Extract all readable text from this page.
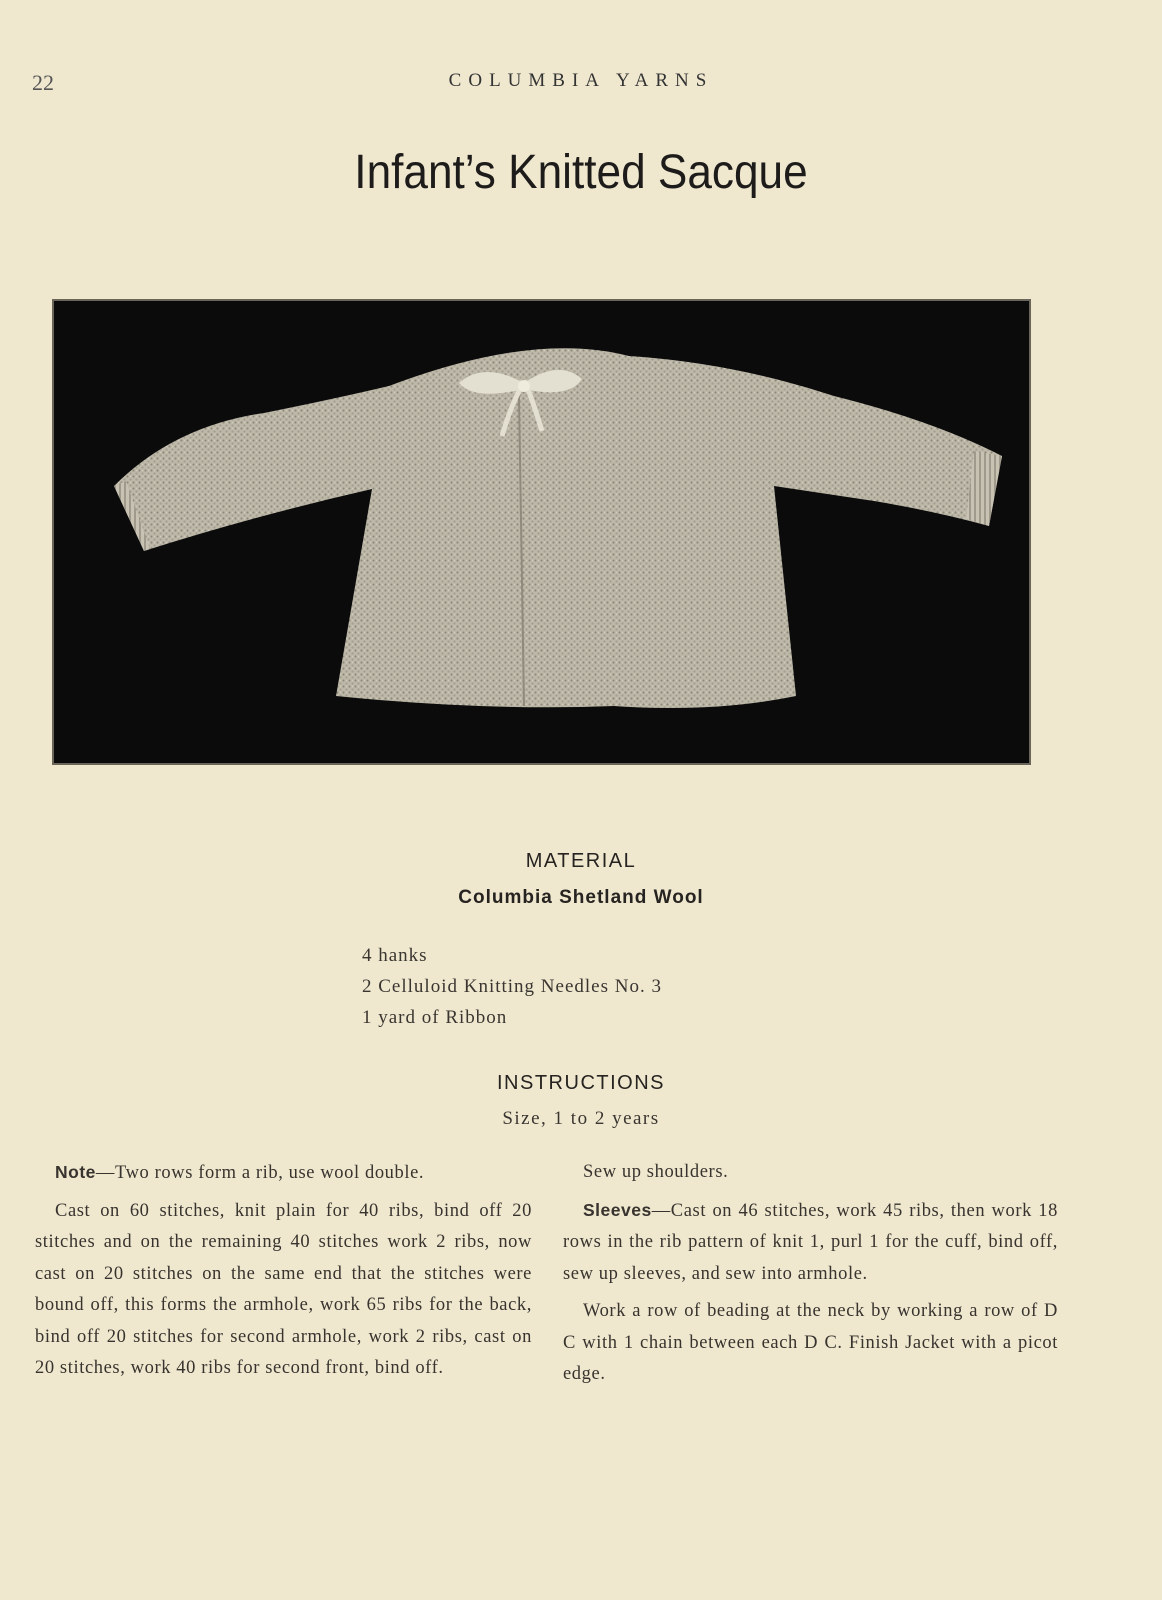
22	COLUMBIA YARNS
Infant’s Knitted Sacque
MATERIAL
Columbia Shetland Wool
4 hanks
2 Celluloid Knitting Needles No. 3
1 yard of Ribbon
INSTRUCTIONS
Size, 1 to 2 years

Note—Two rows form a rib, use wool double.

Cast on 60 stitches, knit plain for 40 ribs, bind off 20 stitches and on the remaining 40 stitches work 2 ribs, now cast on 20 stitches on the same end that the stitches were bound off, this forms the armhole, work 65 ribs for the back, bind off 20 stitches for second armhole, work 2 ribs, cast on 20 stitches, work 40 ribs for second front, bind off.

Sew up shoulders.

Sleeves—Cast on 46 stitches, work 45 ribs, then work 18 rows in the rib pattern of knit 1, purl 1 for the cuff, bind off, sew up sleeves, and sew into armhole.

Work a row of beading at the neck by working a row of D C with 1 chain between each D C. Finish Jacket with a picot edge.
